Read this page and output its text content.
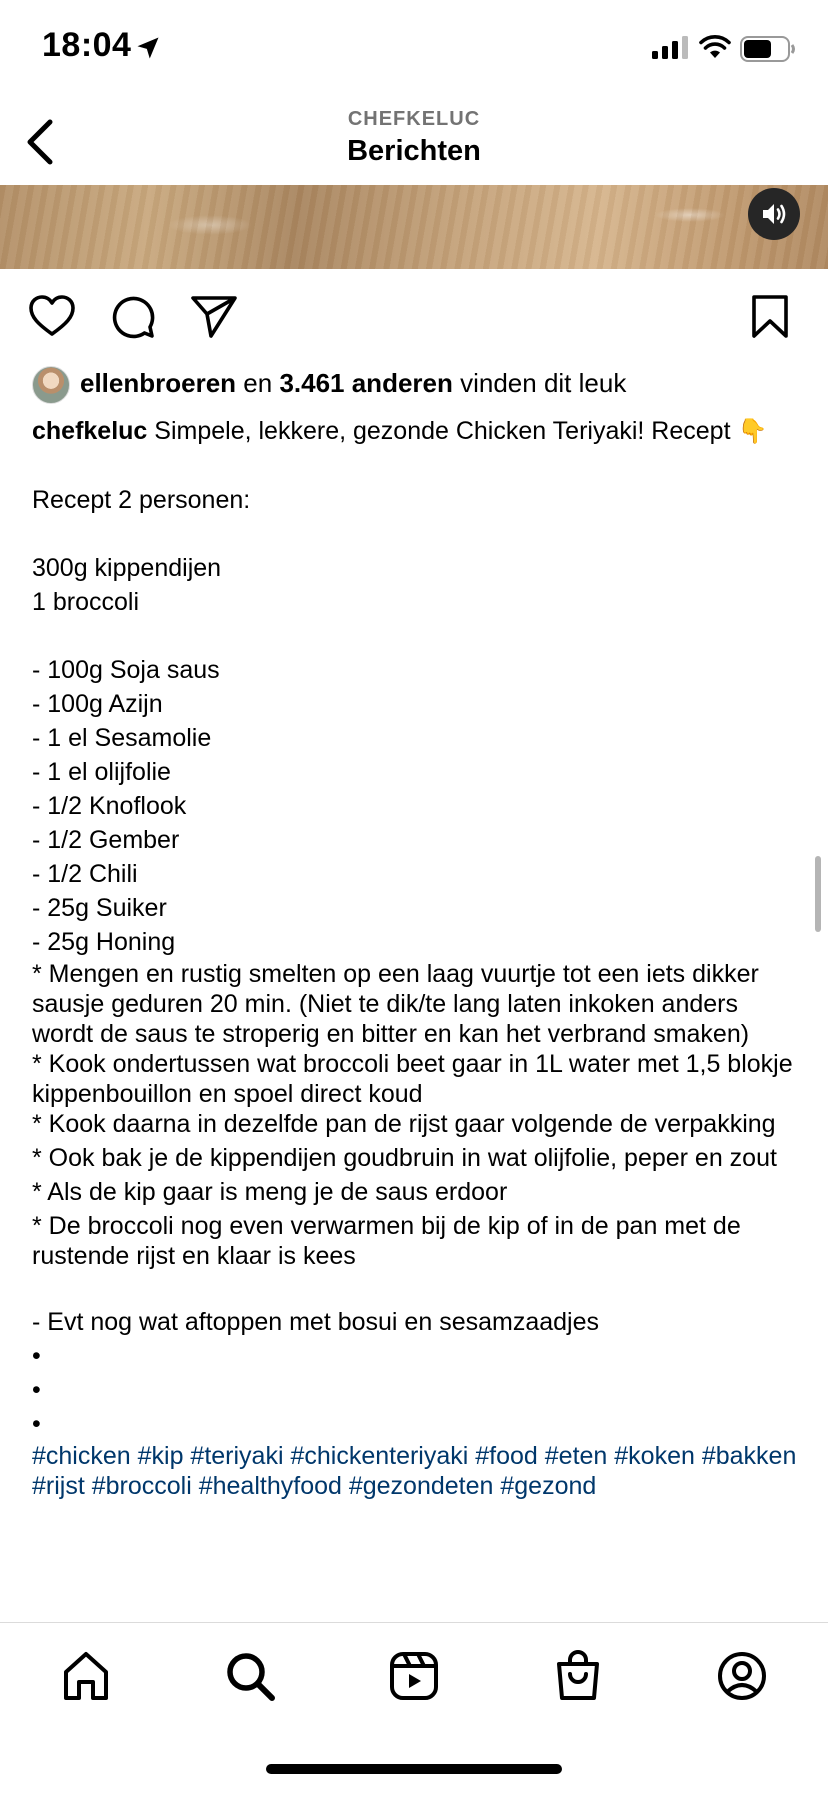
18:04
CHEFKELUC
Berichten
ellenbroeren en 3.461 anderen vinden dit leuk
chefkeluc Simpele, lekkere, gezonde Chicken Teriyaki! Recept 👇
Recept 2 personen:
300g kippendijen
1 broccoli
- 100g Soja saus
- 100g Azijn
- 1 el Sesamolie
- 1 el olijfolie
- 1/2 Knoflook
- 1/2 Gember
- 1/2 Chili
- 25g Suiker
- 25g Honing
* Mengen en rustig smelten op een laag vuurtje tot een iets dikker sausje geduren 20 min. (Niet te dik/te lang laten inkoken anders wordt de saus te stroperig en bitter en kan het verbrand smaken)
* Kook ondertussen wat broccoli beet gaar in 1L water met 1,5 blokje kippenbouillon en spoel direct koud
* Kook daarna in dezelfde pan de rijst gaar volgende de verpakking
* Ook bak je de kippendijen goudbruin in wat olijfolie, peper en zout
* Als de kip gaar is meng je de saus erdoor
* De broccoli nog even verwarmen bij de kip of in de pan met de rustende rijst en klaar is kees
- Evt nog wat aftoppen met bosui en sesamzaadjes
•
•
•
#chicken #kip #teriyaki #chickenteriyaki #food #eten #koken #bakken #rijst #broccoli #healthyfood #gezondeten #gezond
